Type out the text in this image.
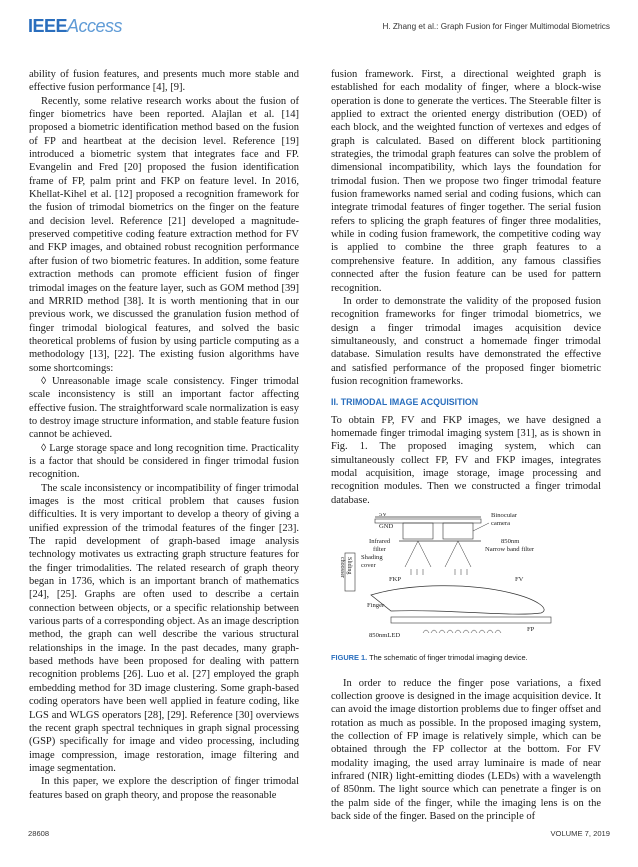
IEEEAccess	H. Zhang et al.: Graph Fusion for Finger Multimodal Biometrics

ability of fusion features, and presents much more stable and effective fusion performance [4], [9].

Recently, some relative research works about the fusion of finger biometrics have been reported. Alajlan et al. [14] proposed a biometric identification method based on the fusion of FP and heartbeat at the decision level. Reference [19] introduced a biometric system that integrates face and FP. Evangelin and Fred [20] proposed the fusion identification frame of FP, palm print and FKP on feature level. In 2016, Khellat-Kihel et al. [12] proposed a recognition framework for the fusion of trimodal biometrics on the finger on the feature and decision level. Reference [21] developed a magnitude-preserved competitive coding feature extraction method for FV and FKP images, and obtained robust recognition performance after fusion of two biometric features. In addition, some feature extraction methods can promote efficient fusion of finger trimodal images on the feature layer, such as GOM method [39] and MRRID method [38]. It is worth mentioning that in our previous work, we discussed the granulation fusion method of finger trimodal biological features, and solved the basic theoretical problems of fusion by using particle computing as a methodology [13], [22]. The existing fusion algorithms have some shortcomings:

◊ Unreasonable image scale consistency. Finger trimodal scale inconsistency is still an important factor affecting effective fusion. The straightforward scale normalization is easy to destroy image structure information, and stable feature fusion cannot be achieved.

◊ Large storage space and long recognition time. Practicality is a factor that should be considered in finger trimodal fusion recognition.

The scale inconsistency or incompatibility of finger trimodal images is the most critical problem that causes fusion difficulties. It is very important to develop a theory of giving a unified expression of the trimodal features of the finger [23]. The rapid development of graph-based image analysis technology motivates us extracting graph structure features for the finger trimodalities. The related research of graph theory began in 1736, which is an important branch of mathematics [24], [25]. Graphs are often used to describe a certain connection between objects, or a specific relationship between various parts of a corresponding object. As an image description method, the graph can well describe the various structural relationships in the image. In the past decades, many graph-based methods have been proposed for dealing with pattern recognition problems [26]. Luo et al. [27] employed the graph embedding method for 3D image clustering. Some graph-based coding operators have been well applied in feature coding, like LGS and WLGS operators [28], [29]. Reference [30] overviews the recent graph spectral techniques in graph signal processing (GSP) specifically for image and video processing, including image compression, image restoration, image filtering and image segmentation.

In this paper, we explore the description of finger trimodal features based on graph theory, and propose the reasonable

fusion framework. First, a directional weighted graph is established for each modality of finger, where a block-wise operation is done to generate the vertices. The Steerable filter is applied to extract the oriented energy distribution (OED) of each block, and the weighted function of vertexes and edges of graph is calculated. Based on different block partitioning strategies, the trimodal graph features can solve the problem of dimensional incompatibility, which lays the foundation for trimodal fusion. Then we propose two finger trimodal feature fusion frameworks named serial and coding fusions, which can integrate trimodal features of finger together. The serial fusion refers to splicing the graph features of finger three modalities, while in coding fusion framework, the competitive coding way is applied to combine the three graph features to a comprehensive feature. In addition, any famous classifies connected after the fusion feature can be used for pattern recognition.

In order to demonstrate the validity of the proposed fusion recognition frameworks for finger trimodal biometrics, we design a finger trimodal images acquisition device simultaneously, and construct a homemade finger trimodal database. Simulation results have demonstrated the effective and satisfied performance of the proposed finger biometric fusion recognition frameworks.

II. TRIMODAL IMAGE ACQUISITION

To obtain FP, FV and FKP images, we have designed a homemade finger trimodal imaging system [31], as is shown in Fig. 1. The proposed imaging system, which can simultaneously collect FP, FV and FKP images, integrates modal acquisition, image storage, image processing and recognition modules. Then we constructed a finger trimodal database.

5V
GND
Binocular
camera
Infrared
filter
850nm
Narrow band filter
Shading
cover
Sliding
choosser
FKP	FV
Finger
FP
850nmLED
FIGURE 1. The schematic of finger trimodal imaging device.

In order to reduce the finger pose variations, a fixed collection groove is designed in the image acquisition device. It can avoid the image distortion problems due to finger offset and rotation as much as possible. In the proposed imaging system, the collection of FP image is relatively simple, which can be obtained through the FP collector at the bottom. For FV modality imaging, the used array luminaire is made of near infrared (NIR) light-emitting diodes (LEDs) with a wavelength of 850nm. The light source which can penetrate a finger is on the palm side of the finger, while the imaging lens is on the back side of the finger. Based on the principle of

28608	VOLUME 7, 2019
